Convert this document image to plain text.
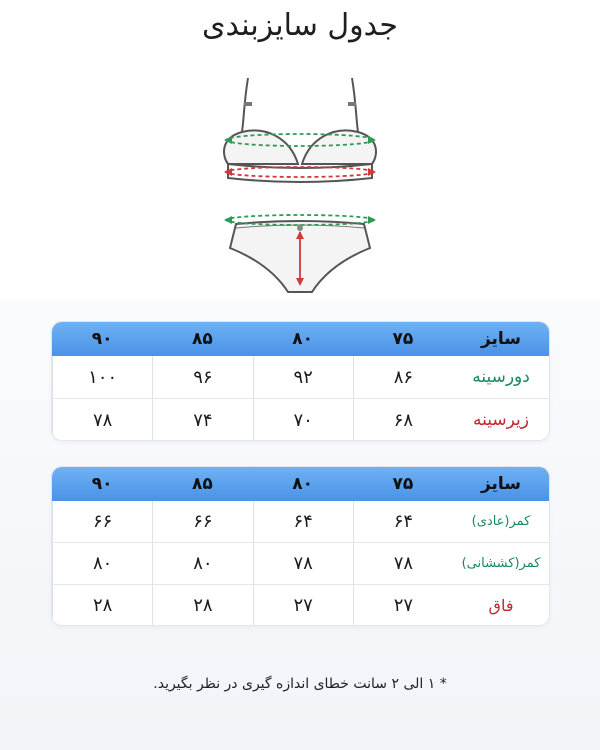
جدول سایزبندی
سایز
۷۵
۸۰
۸۵
۹۰
دورسینه
۸۶
۹۲
۹۶
۱۰۰
زیرسینه
۶۸
۷۰
۷۴
۷۸
سایز
۷۵
۸۰
۸۵
۹۰
کمر(عادی)
۶۴
۶۴
۶۶
۶۶
کمر(کششانی)
۷۸
۷۸
۸۰
۸۰
فاق
۲۷
۲۷
۲۸
۲۸
* ۱ الی ۲ سانت خطای اندازه گیری در نظر بگیرید.
